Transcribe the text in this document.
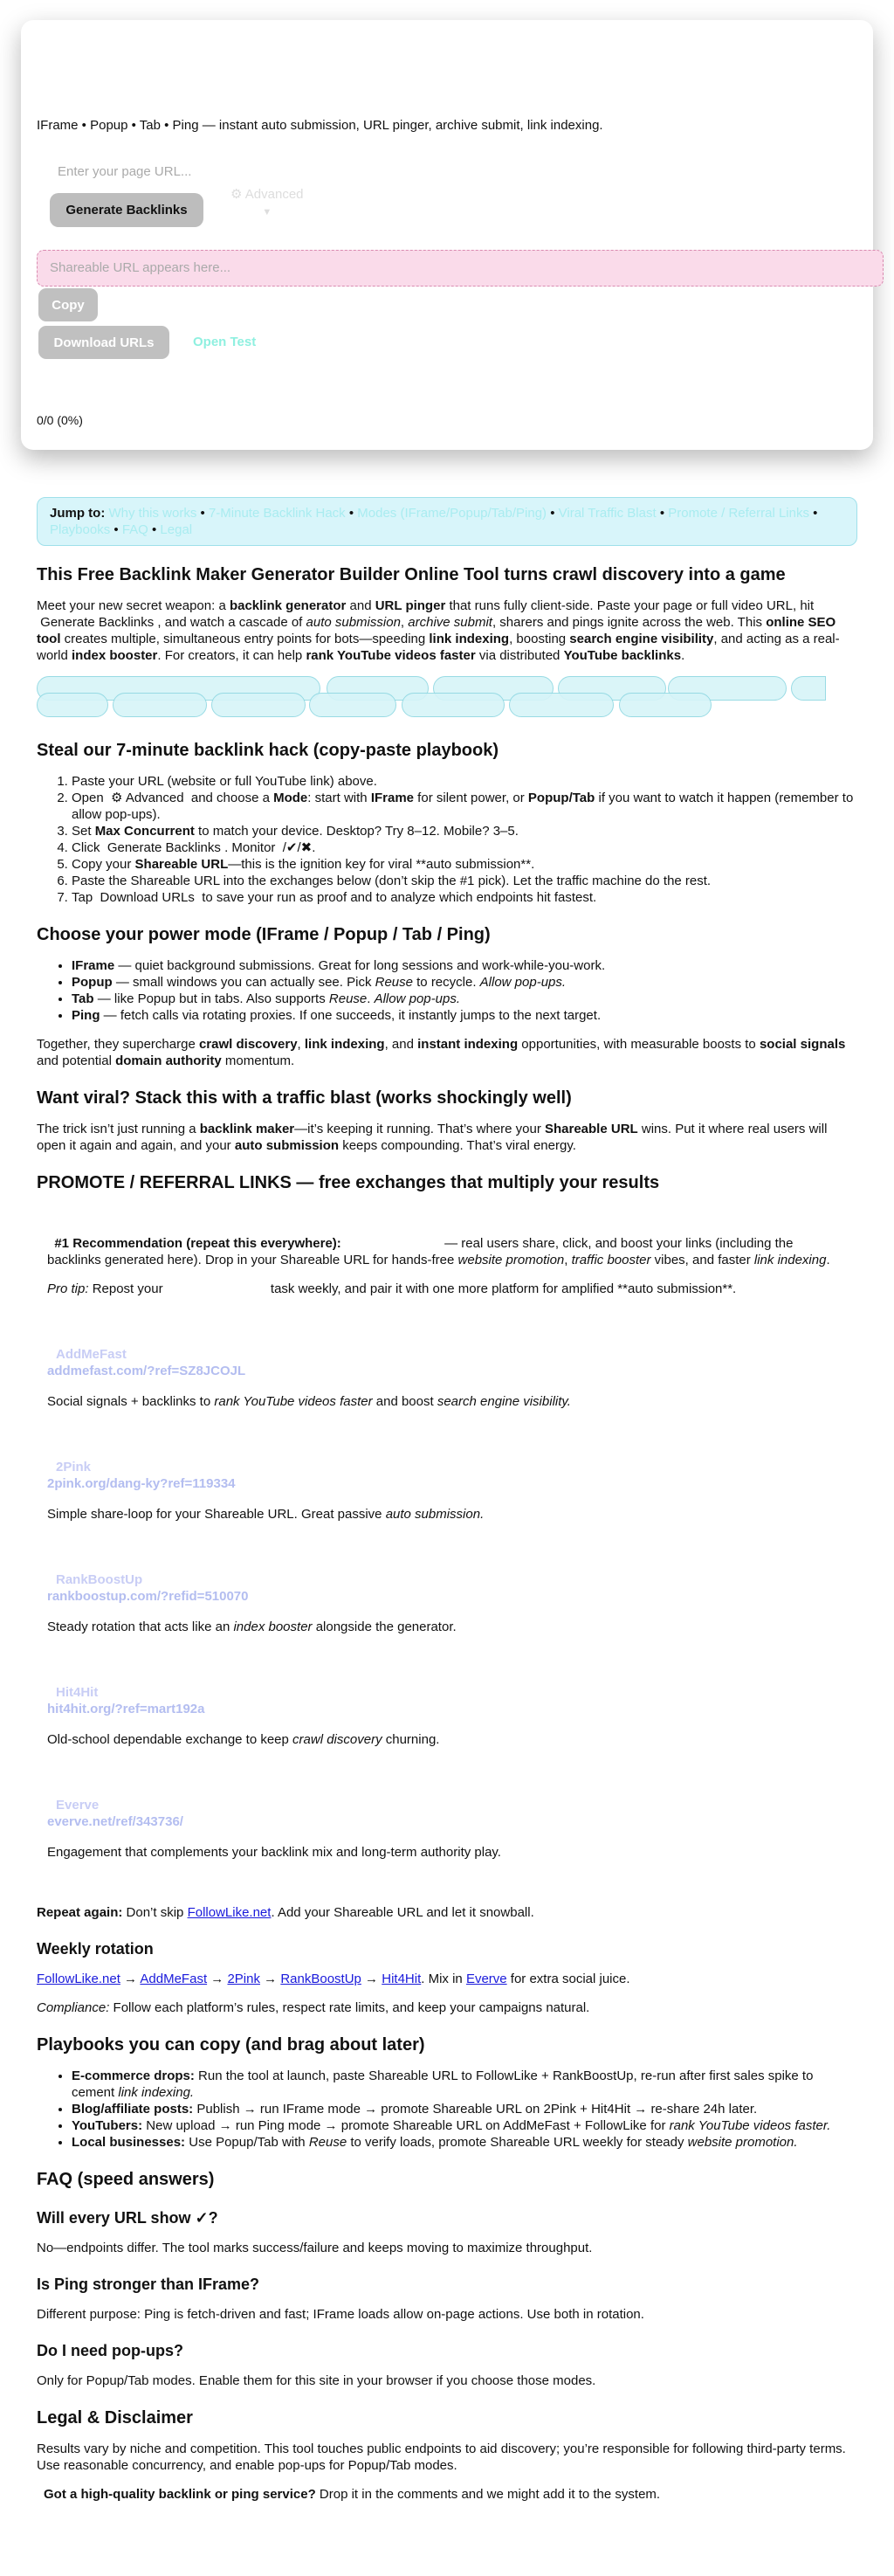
IFrame • Popup • Tab • Ping — instant auto submission, URL pinger, archive submit, link indexing.
Enter your page URL...
Generate Backlinks
⚙ Advanced
▼
Shareable URL appears here...
Copy
Download URLs	Open Test
0/0 (0%)
Jump to: Why this works • 7-Minute Backlink Hack • Modes (IFrame/Popup/Tab/Ping) • Viral Traffic Blast • Promote / Referral Links • Playbooks • FAQ • Legal
This Free Backlink Maker Generator Builder Online Tool turns crawl discovery into a game

Meet your new secret weapon: a backlink generator and URL pinger that runs fully client-side. Paste your page or full video URL, hit  Generate Backlinks , and watch a cascade of auto submission, archive submit, sharers and pings ignite across the web. This online SEO tool creates multiple, simultaneous entry points for bots—speeding link indexing, boosting search engine visibility, and acting as a real-world index booster. For creators, it can help rank YouTube videos faster via distributed YouTube backlinks.

Steal our 7-minute backlink hack (copy-paste playbook)
1. Paste your URL (website or full YouTube link) above.
2. Open  ⚙ Advanced  and choose a Mode: start with IFrame for silent power, or Popup/Tab if you want to watch it happen (remember to allow pop-ups).
3. Set Max Concurrent to match your device. Desktop? Try 8–12. Mobile? 3–5.
4. Click  Generate Backlinks . Monitor  /✔/✖.
5. Copy your Shareable URL—this is the ignition key for viral **auto submission**.
6. Paste the Shareable URL into the exchanges below (don’t skip the #1 pick). Let the traffic machine do the rest.
7. Tap  Download URLs  to save your run as proof and to analyze which endpoints hit fastest.
Choose your power mode (IFrame / Popup / Tab / Ping)
• IFrame — quiet background submissions. Great for long sessions and work-while-you-work.
• Popup — small windows you can actually see. Pick Reuse to recycle. Allow pop-ups.
• Tab — like Popup but in tabs. Also supports Reuse. Allow pop-ups.
• Ping — fetch calls via rotating proxies. If one succeeds, it instantly jumps to the next target.

Together, they supercharge crawl discovery, link indexing, and instant indexing opportunities, with measurable boosts to social signals and potential domain authority momentum.

Want viral? Stack this with a traffic blast (works shockingly well)

The trick isn’t just running a backlink maker—it’s keeping it running. That’s where your Shareable URL wins. Put it where real users will open it again and again, and your auto submission keeps compounding. That’s viral energy.

PROMOTE / REFERRAL LINKS — free exchanges that multiply your results

#1 Recommendation (repeat this everywhere):	— real users share, click, and boost your links (including the backlinks generated here). Drop in your Shareable URL for hands-free website promotion, traffic booster vibes, and faster link indexing.

Pro tip: Repost your	task weekly, and pair it with one more platform for amplified **auto submission**.

AddMeFast
addmefast.com/?ref=SZ8JCOJL

Social signals + backlinks to rank YouTube videos faster and boost search engine visibility.

2Pink
2pink.org/dang-ky?ref=119334

Simple share-loop for your Shareable URL. Great passive auto submission.

RankBoostUp
rankboostup.com/?refid=510070

Steady rotation that acts like an index booster alongside the generator.

Hit4Hit
hit4hit.org/?ref=mart192a

Old-school dependable exchange to keep crawl discovery churning.

Everve
everve.net/ref/343736/

Engagement that complements your backlink mix and long-term authority play.

Repeat again: Don’t skip FollowLike.net. Add your Shareable URL and let it snowball.

Weekly rotation

FollowLike.net → AddMeFast → 2Pink → RankBoostUp → Hit4Hit. Mix in Everve for extra social juice.

Compliance: Follow each platform’s rules, respect rate limits, and keep your campaigns natural.

Playbooks you can copy (and brag about later)
• E-commerce drops: Run the tool at launch, paste Shareable URL to FollowLike + RankBoostUp, re-run after first sales spike to cement link indexing.
• Blog/affiliate posts: Publish → run IFrame mode → promote Shareable URL on 2Pink + Hit4Hit → re-share 24h later.
• YouTubers: New upload → run Ping mode → promote Shareable URL on AddMeFast + FollowLike for rank YouTube videos faster.
• Local businesses: Use Popup/Tab with Reuse to verify loads, promote Shareable URL weekly for steady website promotion.
FAQ (speed answers)
Will every URL show ✓?

No—endpoints differ. The tool marks success/failure and keeps moving to maximize throughput.

Is Ping stronger than IFrame?

Different purpose: Ping is fetch-driven and fast; IFrame loads allow on-page actions. Use both in rotation.

Do I need pop-ups?

Only for Popup/Tab modes. Enable them for this site in your browser if you choose those modes.

Legal & Disclaimer

Results vary by niche and competition. This tool touches public endpoints to aid discovery; you’re responsible for following third-party terms. Use reasonable concurrency, and enable pop-ups for Popup/Tab modes.

Got a high-quality backlink or ping service? Drop it in the comments and we might add it to the system.
